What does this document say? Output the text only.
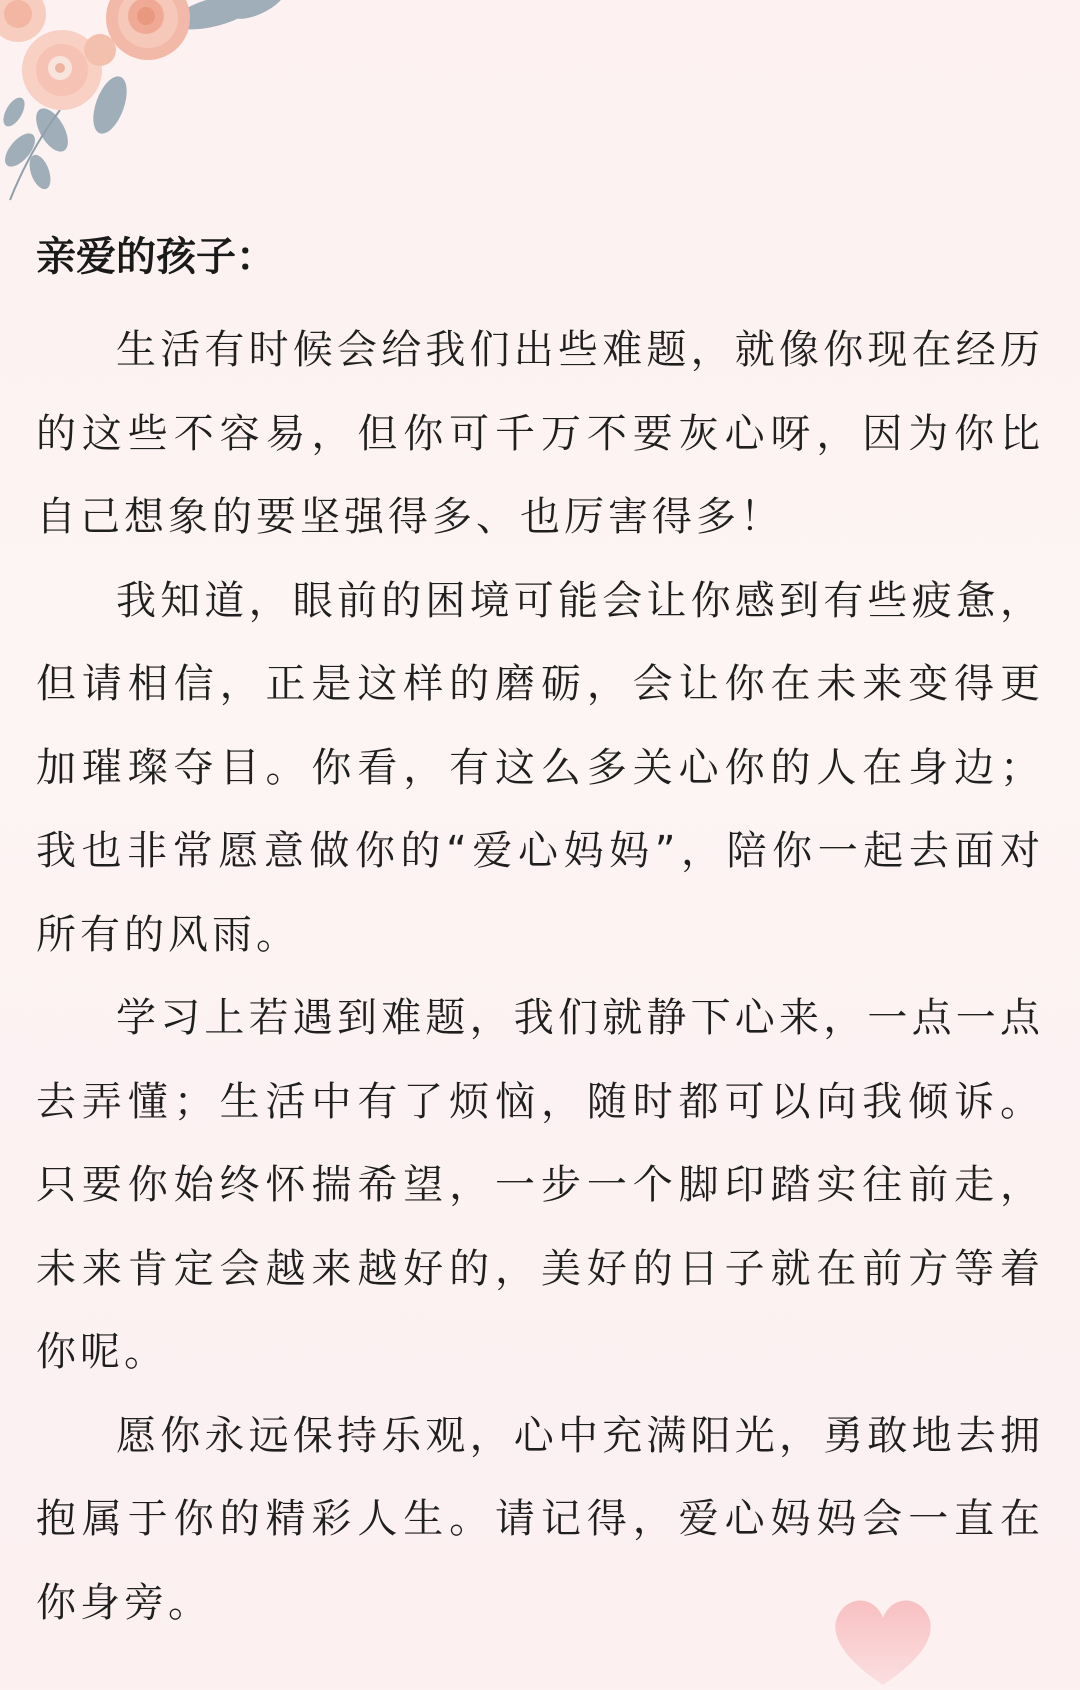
亲爱的孩子：

生活有时候会给我们出些难题，就像你现在经历的这些不容易，但你可千万不要灰心呀，因为你比自己想象的要坚强得多、也厉害得多！

我知道，眼前的困境可能会让你感到有些疲惫，但请相信，正是这样的磨砺，会让你在未来变得更加璀璨夺目。你看，有这么多关心你的人在身边；我也非常愿意做你的“爱心妈妈”，陪你一起去面对所有的风雨。

学习上若遇到难题，我们就静下心来，一点一点去弄懂；生活中有了烦恼，随时都可以向我倾诉。只要你始终怀揣希望，一步一个脚印踏实往前走，未来肯定会越来越好的，美好的日子就在前方等着你呢。

愿你永远保持乐观，心中充满阳光，勇敢地去拥抱属于你的精彩人生。请记得，爱心妈妈会一直在你身旁。
